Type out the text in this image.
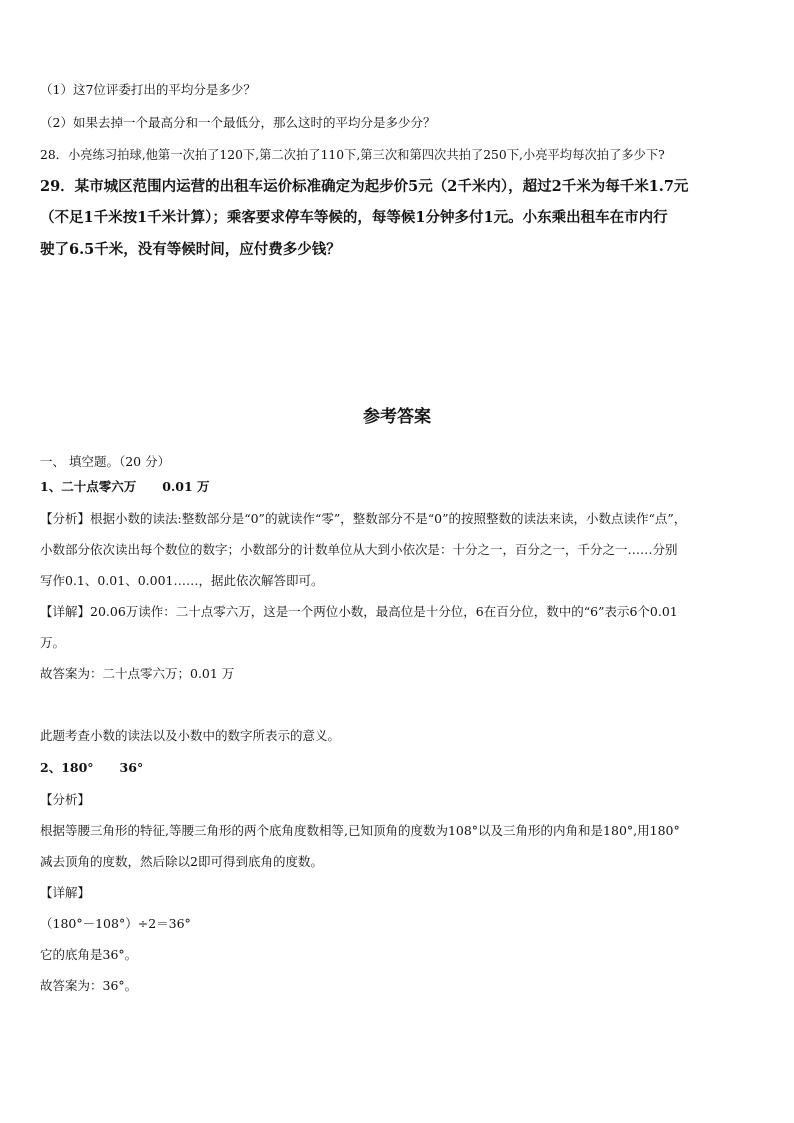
（1）这7位评委打出的平均分是多少？
（2）如果去掉一个最高分和一个最低分，那么这时的平均分是多少分？
28．小亮练习拍球,他第一次拍了120下,第二次拍了110下,第三次和第四次共拍了250下,小亮平均每次拍了多少下?
29．某市城区范围内运营的出租车运价标准确定为起步价5元（2千米内），超过2千米为每千米1.7元
（不足1千米按1千米计算）；乘客要求停车等候的，每等候1分钟多付1元。小东乘出租车在市内行
驶了6.5千米，没有等候时间，应付费多少钱？
参考答案
一、 填空题。（20 分）
1、二十点零六万 0.01 万
【分析】根据小数的读法:整数部分是“0”的就读作“零”，整数部分不是“0”的按照整数的读法来读，小数点读作“点”，
小数部分依次读出每个数位的数字；小数部分的计数单位从大到小依次是：十分之一，百分之一，千分之一……分别
写作0.1、0.01、0.001……，据此依次解答即可。
【详解】20.06万读作：二十点零六万，这是一个两位小数，最高位是十分位，6在百分位，数中的“6”表示6个0.01
万。
故答案为：二十点零六万；0.01 万
此题考查小数的读法以及小数中的数字所表示的意义。
2、180° 36°
【分析】
根据等腰三角形的特征,等腰三角形的两个底角度数相等,已知顶角的度数为108°以及三角形的内角和是180°,用180°
减去顶角的度数，然后除以2即可得到底角的度数。
【详解】
（180°－108°）÷2＝36°
它的底角是36°。
故答案为：36°。
